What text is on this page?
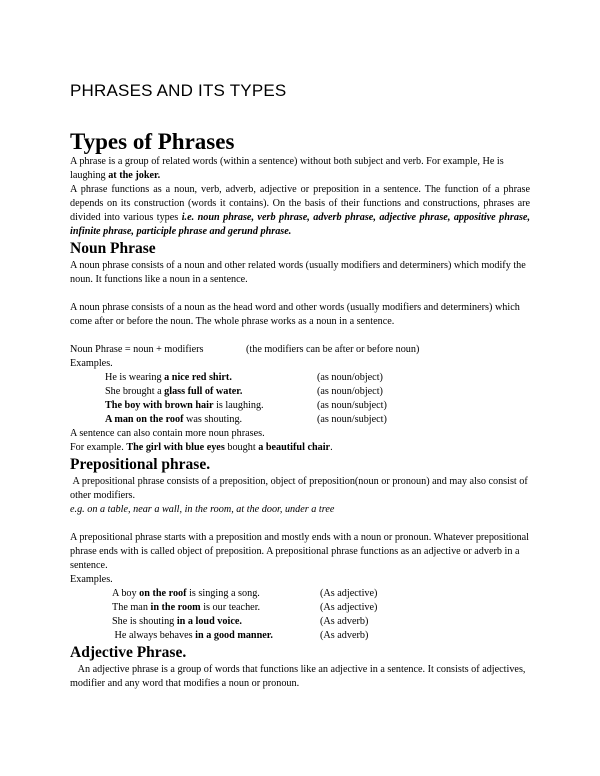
PHRASES AND ITS TYPES
Types of Phrases

A phrase is a group of related words (within a sentence) without both subject and verb. For example, He is laughing at the joker.

A phrase functions as a noun, verb, adverb, adjective or preposition in a sentence. The function of a phrase depends on its construction (words it contains). On the basis of their functions and constructions, phrases are divided into various types i.e. noun phrase, verb phrase, adverb phrase, adjective phrase, appositive phrase, infinite phrase, participle phrase and gerund phrase.

Noun Phrase

A noun phrase consists of a noun and other related words (usually modifiers and determiners) which modify the noun. It functions like a noun in a sentence.

A noun phrase consists of a noun as the head word and other words (usually modifiers and determiners) which come after or before the noun. The whole phrase works as a noun in a sentence.

Noun Phrase = noun + modifiers	(the modifiers can be after or before noun)

Examples.

He is wearing a nice red shirt.	(as noun/object)
She brought a glass full of water.	(as noun/object)
The boy with brown hair is laughing.	(as noun/subject)
A man on the roof was shouting.	(as noun/subject)

A sentence can also contain more noun phrases.

For example. The girl with blue eyes bought a beautiful chair.

Prepositional phrase.

A prepositional phrase consists of a preposition, object of preposition(noun or pronoun) and may also consist of other modifiers.

e.g. on a table, near a wall, in the room, at the door, under a tree

A prepositional phrase starts with a preposition and mostly ends with a noun or pronoun. Whatever prepositional phrase ends with is called object of preposition. A prepositional phrase functions as an adjective or adverb in a sentence.

Examples.

A boy on the roof is singing a song.	(As adjective)
The man in the room is our teacher.	(As adjective)
She is shouting in a loud voice.	(As adverb)
He always behaves in a good manner.	(As adverb)
Adjective Phrase.

An adjective phrase is a group of words that functions like an adjective in a sentence. It consists of adjectives, modifier and any word that modifies a noun or pronoun.
